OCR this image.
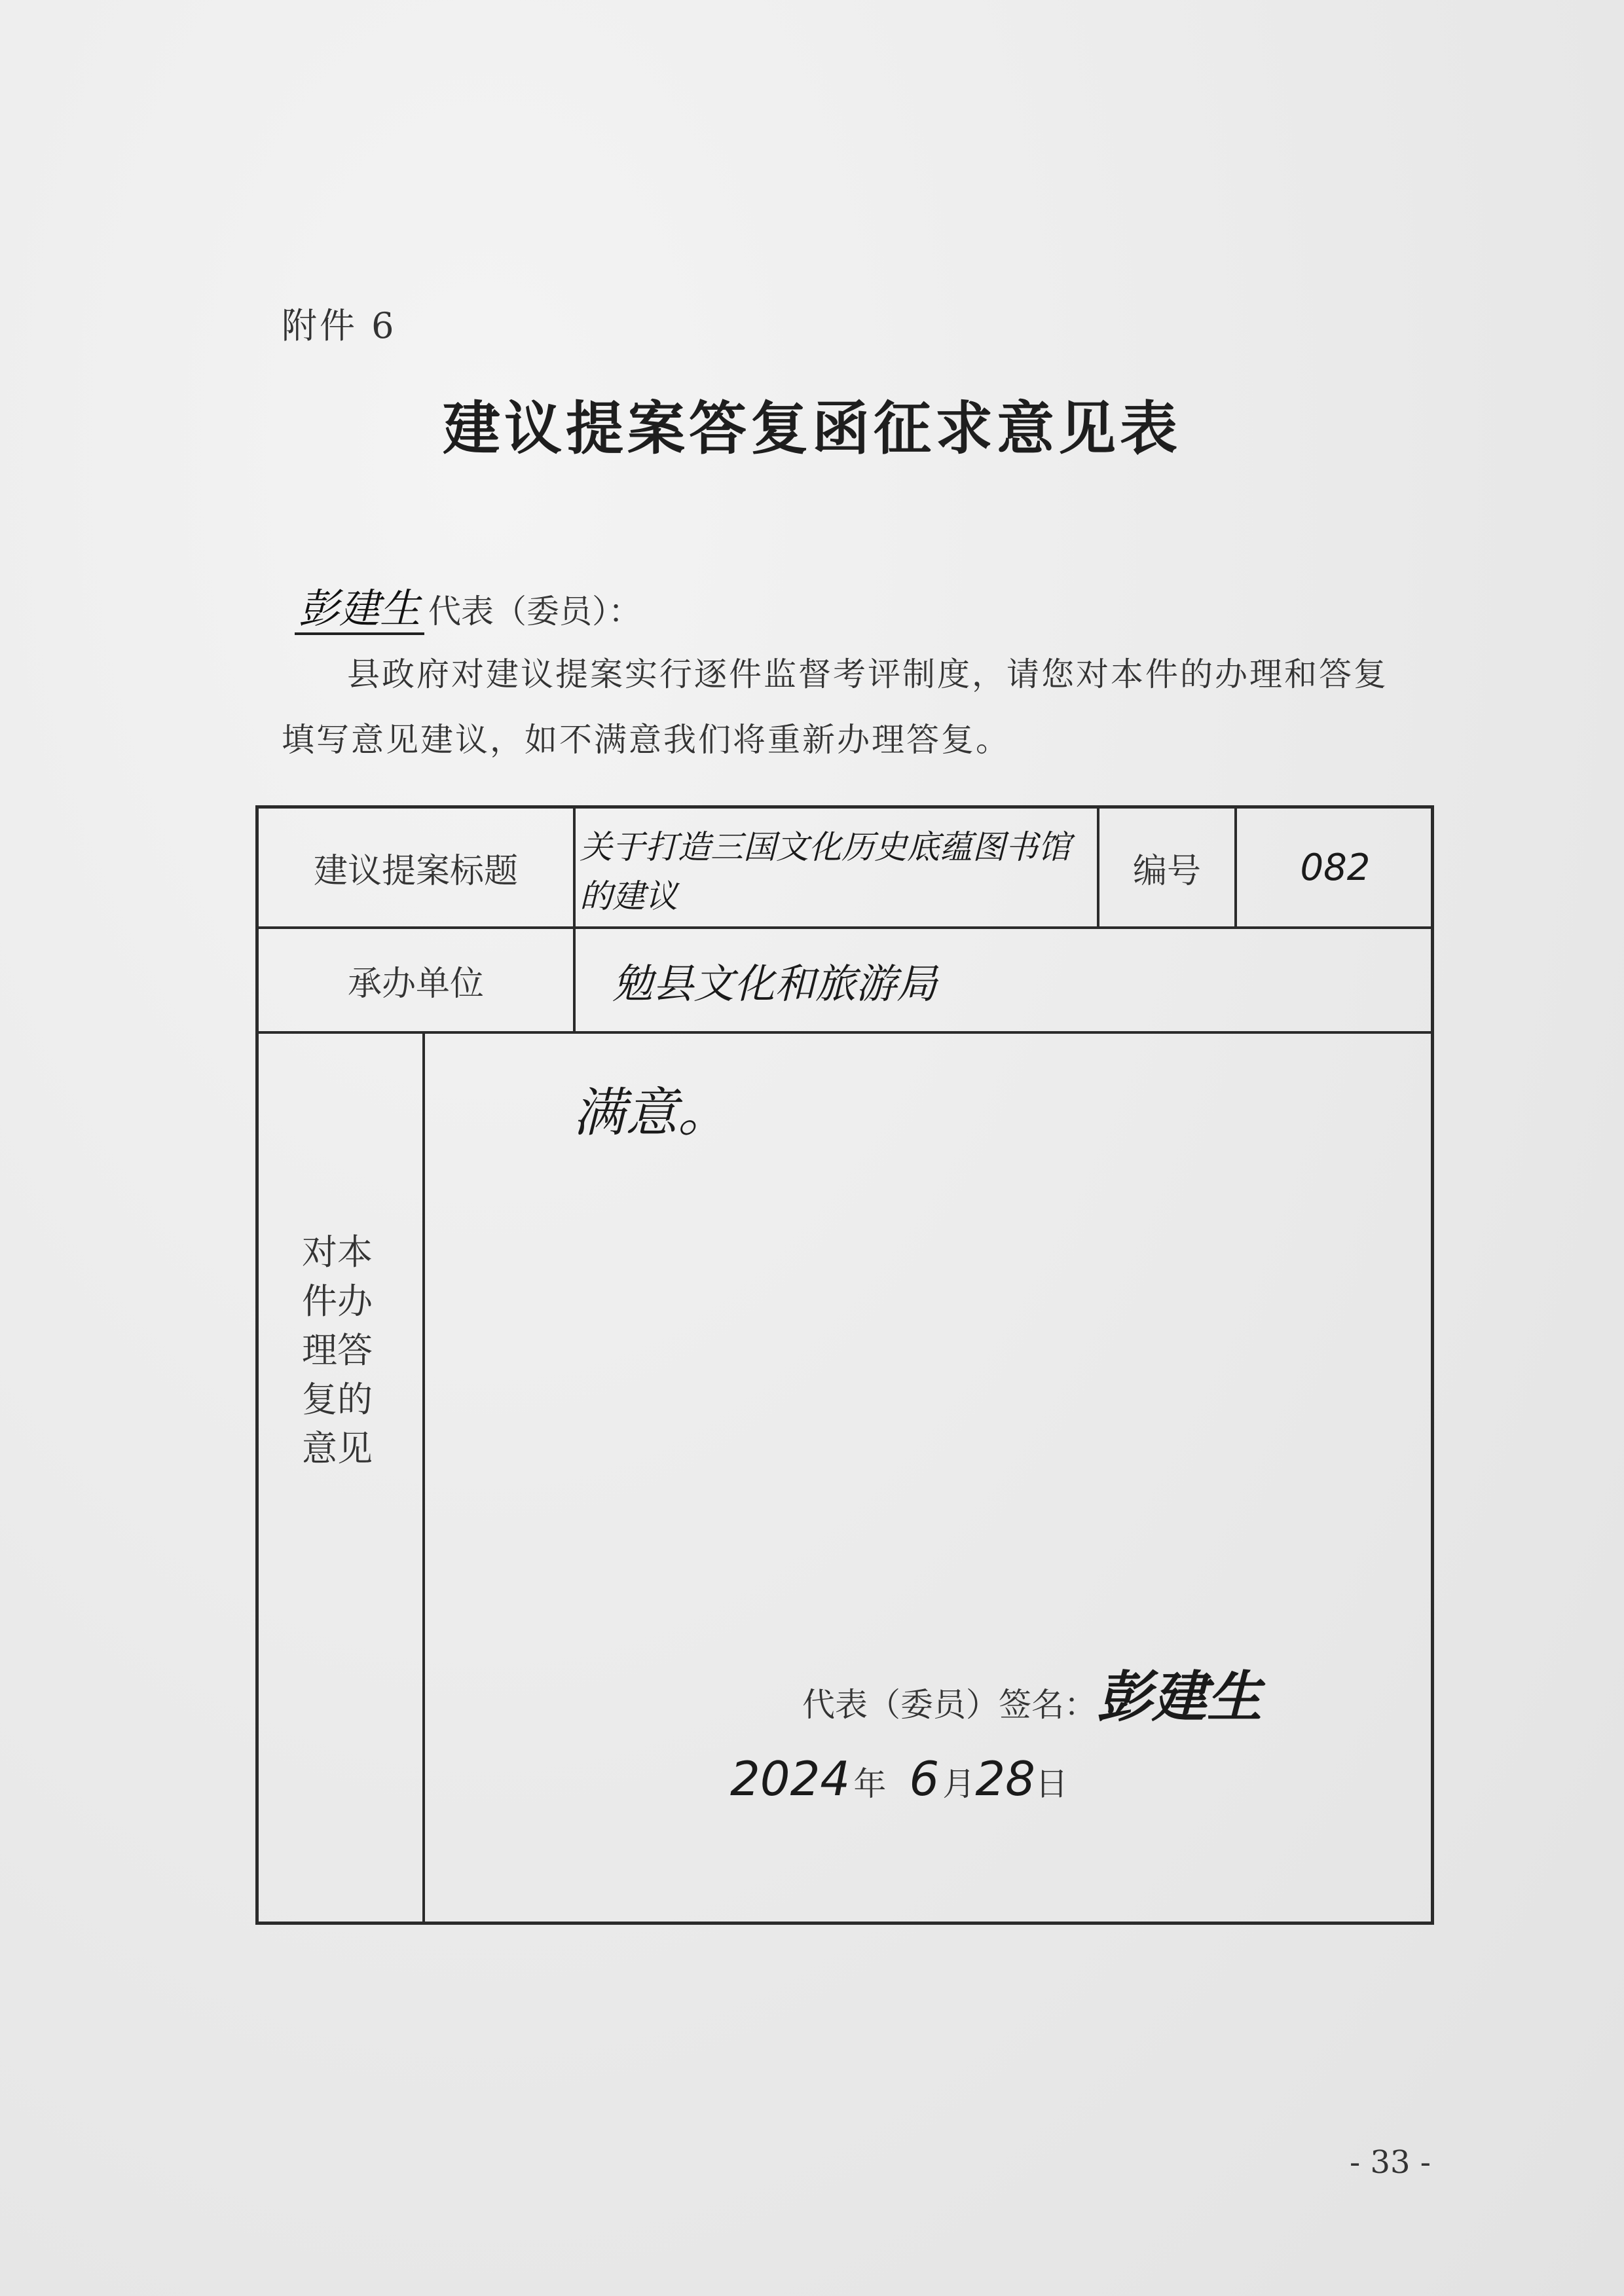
附件 6
建议提案答复函征求意见表
彭建生 代表（委员）：
县政府对建议提案实行逐件监督考评制度，请您对本件的办理和答复
填写意见建议，如不满意我们将重新办理答复。
建议提案标题
关于打造三国文化历史底蕴图书馆
的建议
编号	082
承办单位	勉县文化和旅游局
对本件办理答复的意见
满意。
代表（委员）签名：彭建生
2024 年 6 月28日
- 33 -
